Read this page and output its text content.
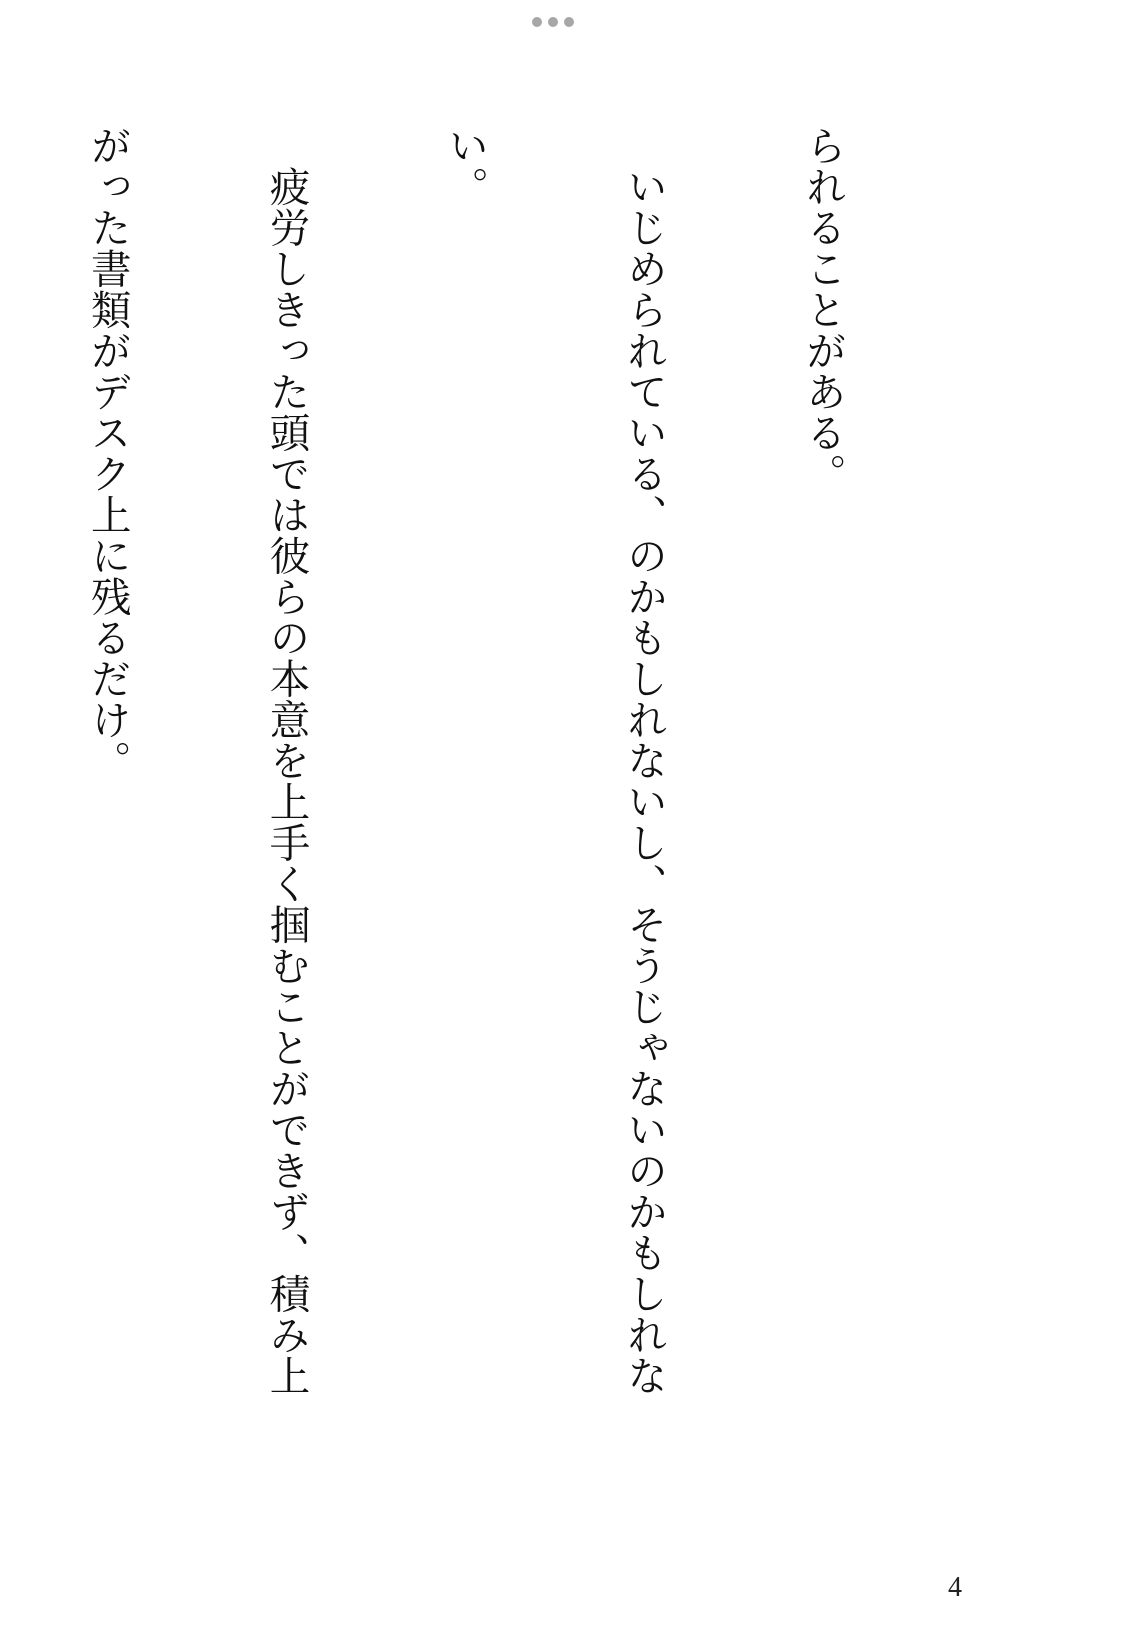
られることがある。

　いじめられている、のかもしれないし、そうじゃないのかもしれな

い。

　疲労しきった頭では彼らの本意を上手く掴むことができず、積み上

がった書類がデスク上に残るだけ。

4
